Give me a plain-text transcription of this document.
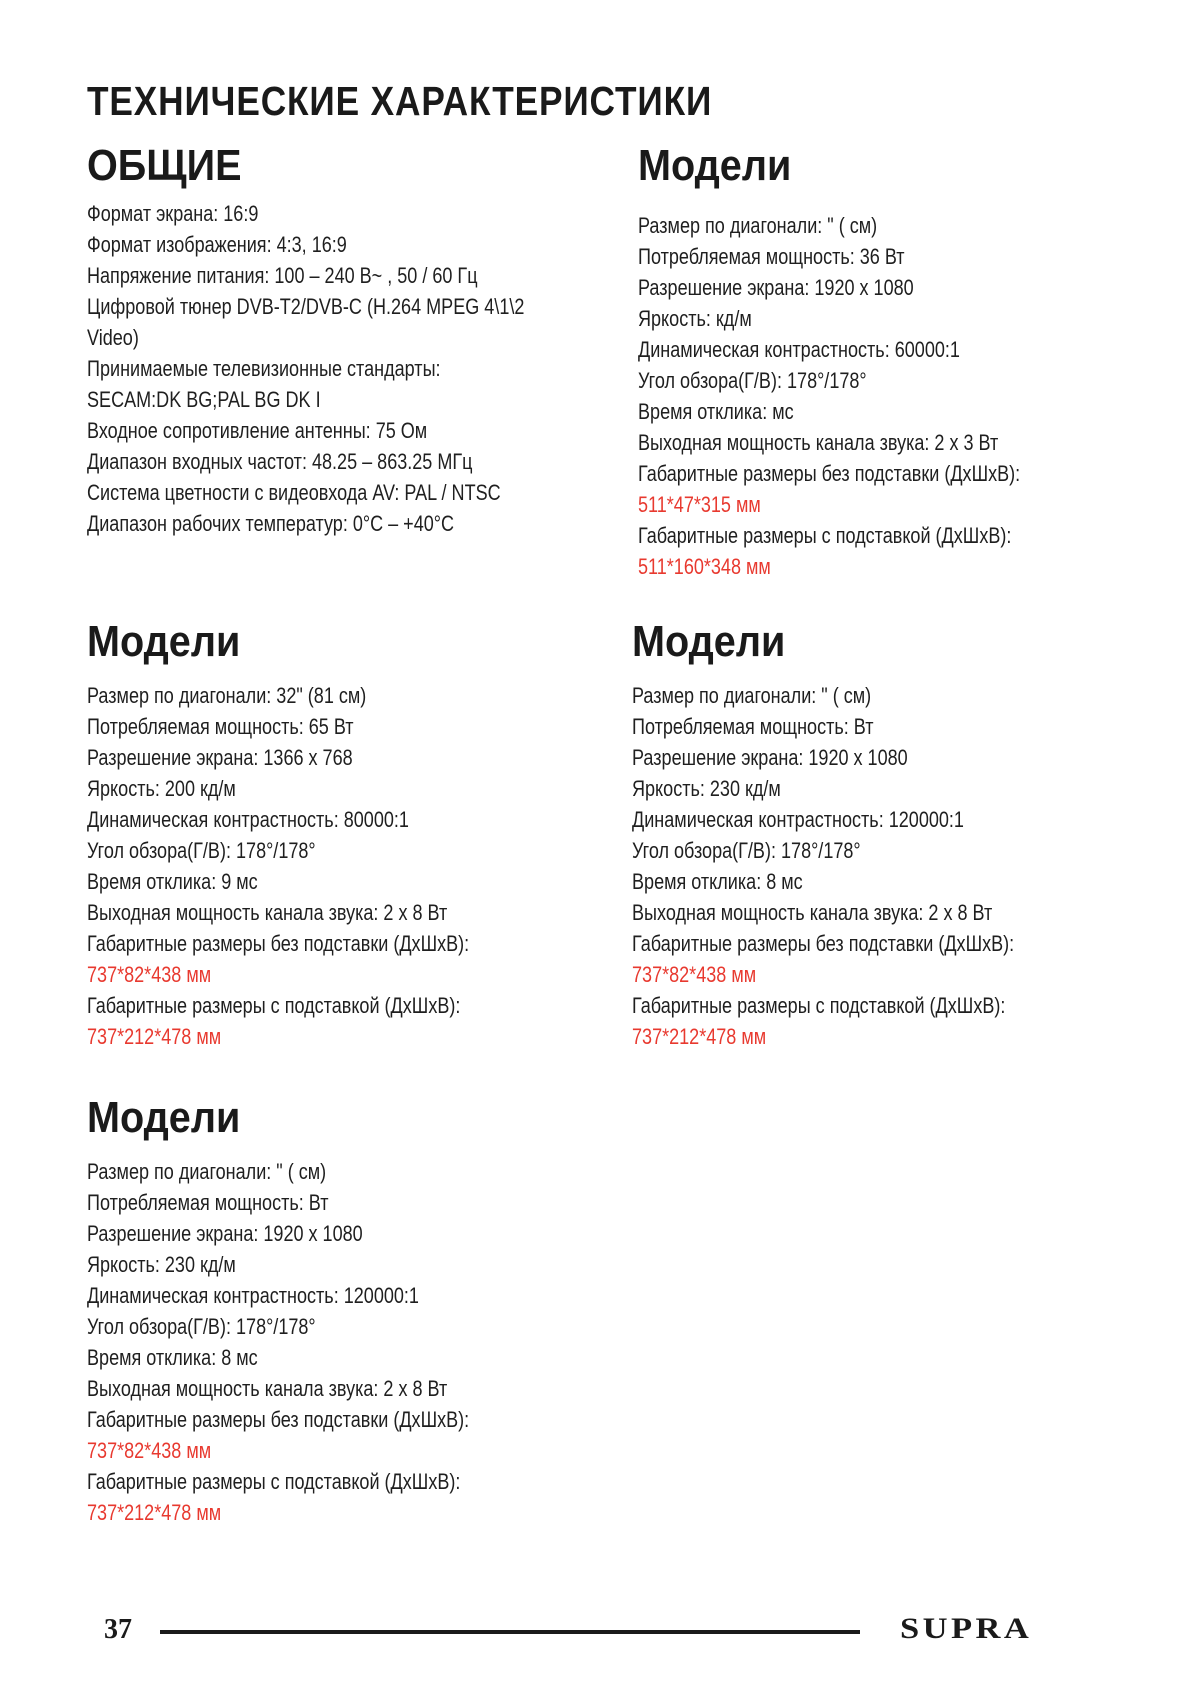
ТЕХНИЧЕСКИЕ ХАРАКТЕРИСТИКИ
ОБЩИЕ
Формат экрана: 16:9
Формат изображения: 4:3, 16:9
Напряжение питания: 100 – 240 В~ , 50 / 60 Гц
Цифровой тюнер DVB-T2/DVB-C (H.264 MPEG 4\1\2
Video)
Принимаемые телевизионные стандарты:
SECAM:DK BG;PAL BG DK I
Входное сопротивление антенны: 75 Ом
Диапазон входных частот: 48.25 – 863.25 МГц
Система цветности с видеовхода AV: PAL / NTSC
Диапазон рабочих температур: 0°С – +40°С
Модели
Размер по диагонали: " ( см)
Потребляемая мощность: 36 Вт
Разрешение экрана: 1920 x 1080
Яркость: кд/м
Динамическая контрастность: 60000:1
Угол обзора(Г/В): 178°/178°
Время отклика: мс
Выходная мощность канала звука: 2 х 3 Вт
Габаритные размеры без подставки (ДхШхВ):
511*47*315 мм
Габаритные размеры с подставкой (ДхШхВ):
511*160*348 мм
Модели
Размер по диагонали: 32" (81 см)
Потребляемая мощность: 65 Вт
Разрешение экрана: 1366 x 768
Яркость: 200 кд/м
Динамическая контрастность: 80000:1
Угол обзора(Г/В): 178°/178°
Время отклика: 9 мс
Выходная мощность канала звука: 2 х 8 Вт
Габаритные размеры без подставки (ДхШхВ):
737*82*438 мм
Габаритные размеры с подставкой (ДхШхВ):
737*212*478 мм
Модели
Размер по диагонали: " ( см)
Потребляемая мощность: Вт
Разрешение экрана: 1920 x 1080
Яркость: 230 кд/м
Динамическая контрастность: 120000:1
Угол обзора(Г/В): 178°/178°
Время отклика: 8 мс
Выходная мощность канала звука: 2 х 8 Вт
Габаритные размеры без подставки (ДхШхВ):
737*82*438 мм
Габаритные размеры с подставкой (ДхШхВ):
737*212*478 мм
Модели
Размер по диагонали: " ( см)
Потребляемая мощность: Вт
Разрешение экрана: 1920 x 1080
Яркость: 230 кд/м
Динамическая контрастность: 120000:1
Угол обзора(Г/В): 178°/178°
Время отклика: 8 мс
Выходная мощность канала звука: 2 х 8 Вт
Габаритные размеры без подставки (ДхШхВ):
737*82*438 мм
Габаритные размеры с подставкой (ДхШхВ):
737*212*478 мм
37	SUPRA
